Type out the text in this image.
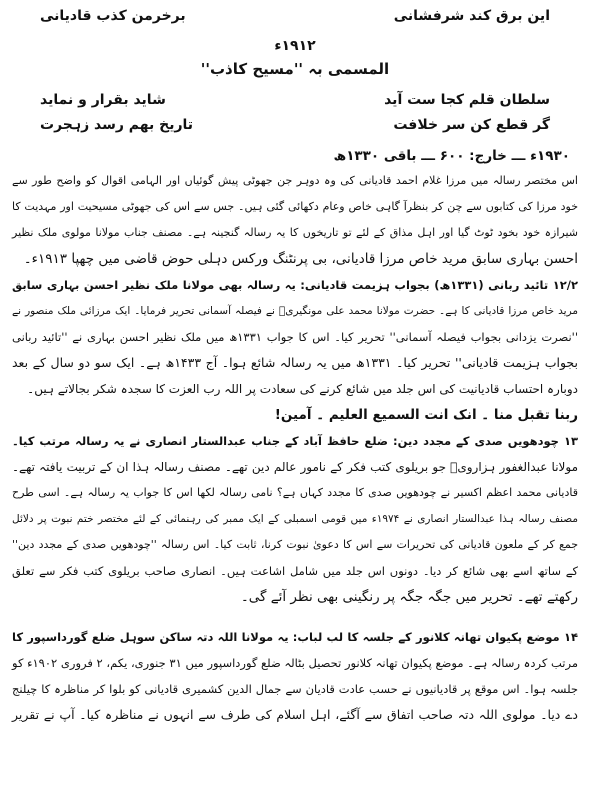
این برق کند شرفشانی
برخرمن کذب قادیانی
۱۹۱۲ء
المسمی بہ ''مسیح کاذب''
سلطان قلم کجا ست آید
شاید بقرار و نماید
گر قطع کن سر خلافت
تاریخ بھم رسد زہجرت
۱۹۳۰ء ـــ خارج: ۶۰۰ ـــ باقی ۱۳۳۰ھ
اس مختصر رسالہ میں مرزا غلام احمد قادیانی کی وہ دوہر جن جھوٹی پیش گوئیاں اور الہامی اقوال کو واضح طور سے
خود مرزا کی کتابوں سے چن کر بنظرآ گاہی خاص وعام دکھائی گئی ہیں۔ جس سے اس کی جھوٹی مسیحیت اور مہدیت کا
شیرازہ خود بخود ٹوٹ گیا اور اہل مذاق کے لئے تو تاریخوں کا یہ رسالہ گنجینہ ہے۔ مصنف جناب مولانا مولوی ملک نظیر
احسن بہاری سابق مرید خاص مرزا قادیانی، بی پرنٹنگ ورکس دہلی حوض قاضی میں چھپا ۱۹۱۳ء۔
۱۲/۲ تائید ربانی (۱۳۳۱ھ) بجواب ہزیمت قادیانی: یہ رسالہ بھی مولانا ملک نظیر احسن بہاری سابق
مرید خاص مرزا قادیانی کا ہے۔ حضرت مولانا محمد علی مونگیریؒ نے فیصلہ آسمانی تحریر فرمایا۔ ایک مرزائی ملک منصور نے
''نصرت یزدانی بجواب فیصلہ آسمانی'' تحریر کیا۔ اس کا جواب ۱۳۳۱ھ میں ملک نظیر احسن بہاری نے ''تائید ربانی
بجواب ہزیمت قادیانی'' تحریر کیا۔ ۱۳۳۱ھ میں یہ رسالہ شائع ہوا۔ آج ۱۴۳۳ھ ہے۔ ایک سو دو سال کے بعد
دوبارہ احتساب قادیانیت کی اس جلد میں شائع کرنے کی سعادت پر اللہ رب العزت کا سجدہ شکر بجالاتے ہیں۔
ربنا تقبل منا ۔ انک انت السمیع العلیم ۔ آمین!
۱۳ چودھویں صدی کے مجدد دین: ضلع حافظ آباد کے جناب عبدالستار انصاری نے یہ رسالہ مرتب کیا۔
مولانا عبدالغفور ہزارویؒ جو بریلوی کتب فکر کے نامور عالم دین تھے۔ مصنف رسالہ ہذا ان کے تربیت یافتہ تھے۔
قادیانی محمد اعظم اکسیر نے چودھویں صدی کا مجدد کہاں ہے؟ نامی رسالہ لکھا اس کا جواب یہ رسالہ ہے۔ اسی طرح
مصنف رسالہ ہذا عبدالستار انصاری نے ۱۹۷۴ء میں قومی اسمبلی کے ایک ممبر کی رہنمائی کے لئے مختصر ختم نبوت پر دلائل
جمع کر کے ملعون قادیانی کی تحریرات سے اس کا دعویٰ نبوت کرنا، ثابت کیا۔ اس رسالہ ''چودھویں صدی کے مجدد دین''
کے ساتھ اسے بھی شائع کر دیا۔ دونوں اس جلد میں شامل اشاعت ہیں۔ انصاری صاحب بریلوی کتب فکر سے تعلق
رکھتے تھے۔ تحریر میں جگہ جگہ پر رنگینی بھی نظر آئے گی۔
۱۴ موضع پکیوان تھانہ کلانور کے جلسہ کا لب لباب: یہ مولانا اللہ دتہ ساکن سوہل ضلع گورداسپور کا
مرتب کردہ رسالہ ہے۔ موضع پکیوان تھانہ کلانور تحصیل بٹالہ ضلع گورداسپور میں ۳۱ جنوری، یکم، ۲ فروری ۱۹۰۲ء کو
جلسہ ہوا۔ اس موقع پر قادیانیوں نے حسب عادت قادیان سے جمال الدین کشمیری قادیانی کو بلوا کر مناظرہ کا چیلنج
دے دیا۔ مولوی اللہ دتہ صاحب اتفاق سے آگئے، اہل اسلام کی طرف سے انہوں نے مناظرہ کیا۔ آپ نے تقریر
